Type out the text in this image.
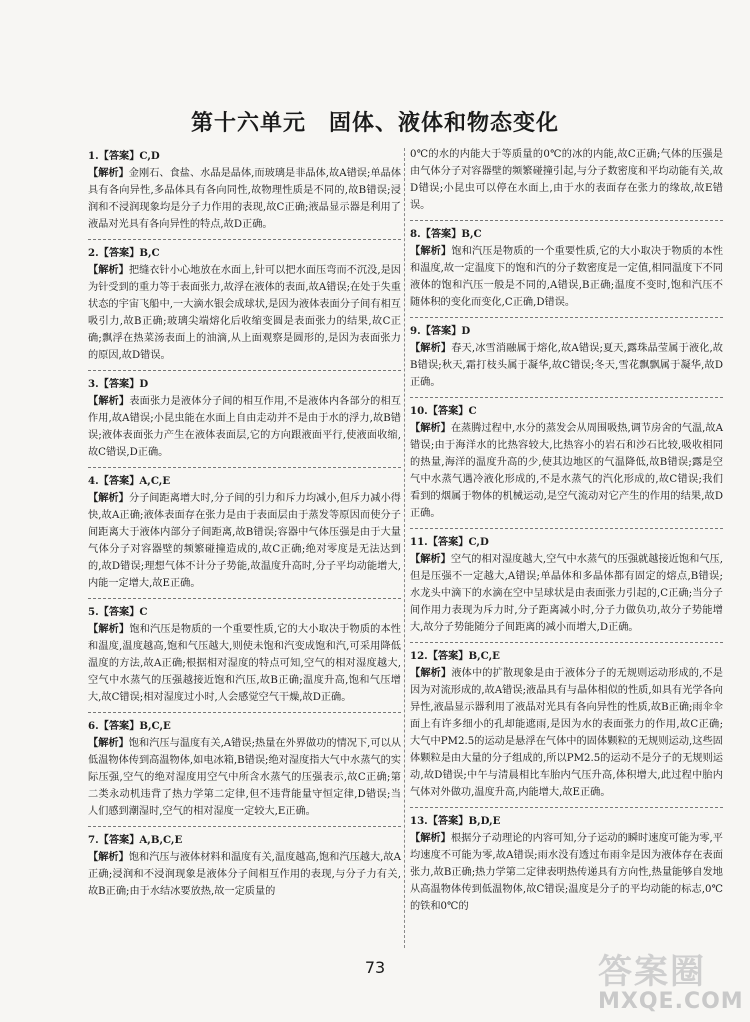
第十六单元　固体、液体和物态变化
1.【答案】C,D
【解析】金刚石、食盐、水晶是晶体,而玻璃是非晶体,故A错误;单晶体具有各向异性,多晶体具有各向同性,故物理性质是不同的,故B错误;浸润和不浸润现象均是分子力作用的表现,故C正确;液晶显示器是利用了液晶对光具有各向异性的特点,故D正确。
2.【答案】B,C
【解析】把缝衣针小心地放在水面上,针可以把水面压弯而不沉没,是因为针受到的重力等于表面张力,故浮在液体的表面,故A错误;在处于失重状态的宇宙飞船中,一大滴水银会成球状,是因为液体表面分子间有相互吸引力,故B正确;玻璃尖端熔化后收缩变圆是表面张力的结果,故C正确;飘浮在热菜汤表面上的油滴,从上面观察是圆形的,是因为表面张力的原因,故D错误。
3.【答案】D
【解析】表面张力是液体分子间的相互作用,不是液体内各部分的相互作用,故A错误;小昆虫能在水面上自由走动并不是由于水的浮力,故B错误;液体表面张力产生在液体表面层,它的方向跟液面平行,使液面收缩,故C错误,D正确。
4.【答案】A,C,E
【解析】分子间距离增大时,分子间的引力和斥力均减小,但斥力减小得快,故A正确;液体表面存在张力是由于表面层由于蒸发等原因而使分子间距离大于液体内部分子间距离,故B错误;容器中气体压强是由于大量气体分子对容器壁的频繁碰撞造成的,故C正确;绝对零度是无法达到的,故D错误;理想气体不计分子势能,故温度升高时,分子平均动能增大,内能一定增大,故E正确。
5.【答案】C
【解析】饱和汽压是物质的一个重要性质,它的大小取决于物质的本性和温度,温度越高,饱和气压越大,则使未饱和汽变成饱和汽,可采用降低温度的方法,故A正确;根据相对湿度的特点可知,空气的相对湿度越大,空气中水蒸气的压强越接近饱和汽压,故B正确;温度升高,饱和气压增大,故C错误;相对湿度过小时,人会感觉空气干燥,故D正确。
6.【答案】B,C,E
【解析】饱和汽压与温度有关,A错误;热量在外界做功的情况下,可以从低温物体传到高温物体,如电冰箱,B错误;绝对湿度指大气中水蒸气的实际压强,空气的绝对湿度用空气中所含水蒸气的压强表示,故C正确;第二类永动机违背了热力学第二定律,但不违背能量守恒定律,D错误;当人们感到潮湿时,空气的相对湿度一定较大,E正确。
7.【答案】A,B,C,E
【解析】饱和汽压与液体材料和温度有关,温度越高,饱和汽压越大,故A正确;浸润和不浸润现象是液体分子间相互作用的表现,与分子力有关,故B正确;由于水结冰要放热,故一定质量的
0℃的水的内能大于等质量的0℃的冰的内能,故C正确;气体的压强是由气体分子对容器壁的频繁碰撞引起,与分子数密度和平均动能有关,故D错误;小昆虫可以停在水面上,由于水的表面存在张力的缘故,故E错误。
8.【答案】B,C
【解析】饱和汽压是物质的一个重要性质,它的大小取决于物质的本性和温度,故一定温度下的饱和汽的分子数密度是一定值,相同温度下不同液体的饱和汽压一般是不同的,A错误,B正确;温度不变时,饱和汽压不随体积的变化而变化,C正确,D错误。
9.【答案】D
【解析】春天,冰雪消融属于熔化,故A错误;夏天,露珠晶莹属于液化,故B错误;秋天,霜打枝头属于凝华,故C错误;冬天,雪花飘飘属于凝华,故D正确。
10.【答案】C
【解析】在蒸腾过程中,水分的蒸发会从周围吸热,调节房舍的气温,故A错误;由于海洋水的比热容较大,比热容小的岩石和沙石比较,吸收相同的热量,海洋的温度升高的少,使其边地区的气温降低,故B错误;露是空气中水蒸气遇冷液化形成的,不是水蒸气的汽化形成的,故C错误;我们看到的烟属于物体的机械运动,是空气流动对它产生的作用的结果,故D正确。
11.【答案】C,D
【解析】空气的相对湿度越大,空气中水蒸气的压强就越接近饱和气压,但是压强不一定越大,A错误;单晶体和多晶体都有固定的熔点,B错误;水龙头中滴下的水滴在空中呈球状是由表面张力引起的,C正确;当分子间作用力表现为斥力时,分子距离减小时,分子力做负功,故分子势能增大,故分子势能随分子间距离的减小而增大,D正确。
12.【答案】B,C,E
【解析】液体中的扩散现象是由于液体分子的无规则运动形成的,不是因为对流形成的,故A错误;液晶具有与晶体相似的性质,如具有光学各向异性,液晶显示器利用了液晶对光具有各向异性的性质,故B正确;雨伞伞面上有许多细小的孔却能遮雨,是因为水的表面张力的作用,故C正确;大气中PM2.5的运动是悬浮在气体中的固体颗粒的无规则运动,这些固体颗粒是由大量的分子组成的,所以PM2.5的运动不是分子的无规则运动,故D错误;中午与清晨相比车胎内气压升高,体积增大,此过程中胎内气体对外做功,温度升高,内能增大,故E正确。
13.【答案】B,D,E
【解析】根据分子动理论的内容可知,分子运动的瞬时速度可能为零,平均速度不可能为零,故A错误;雨水没有透过布雨伞是因为液体存在表面张力,故B正确;热力学第二定律表明热传递具有方向性,热量能够自发地从高温物体传到低温物体,故C错误;温度是分子的平均动能的标志,0℃的铁和0℃的
73	答案圈
MXQE.COM
